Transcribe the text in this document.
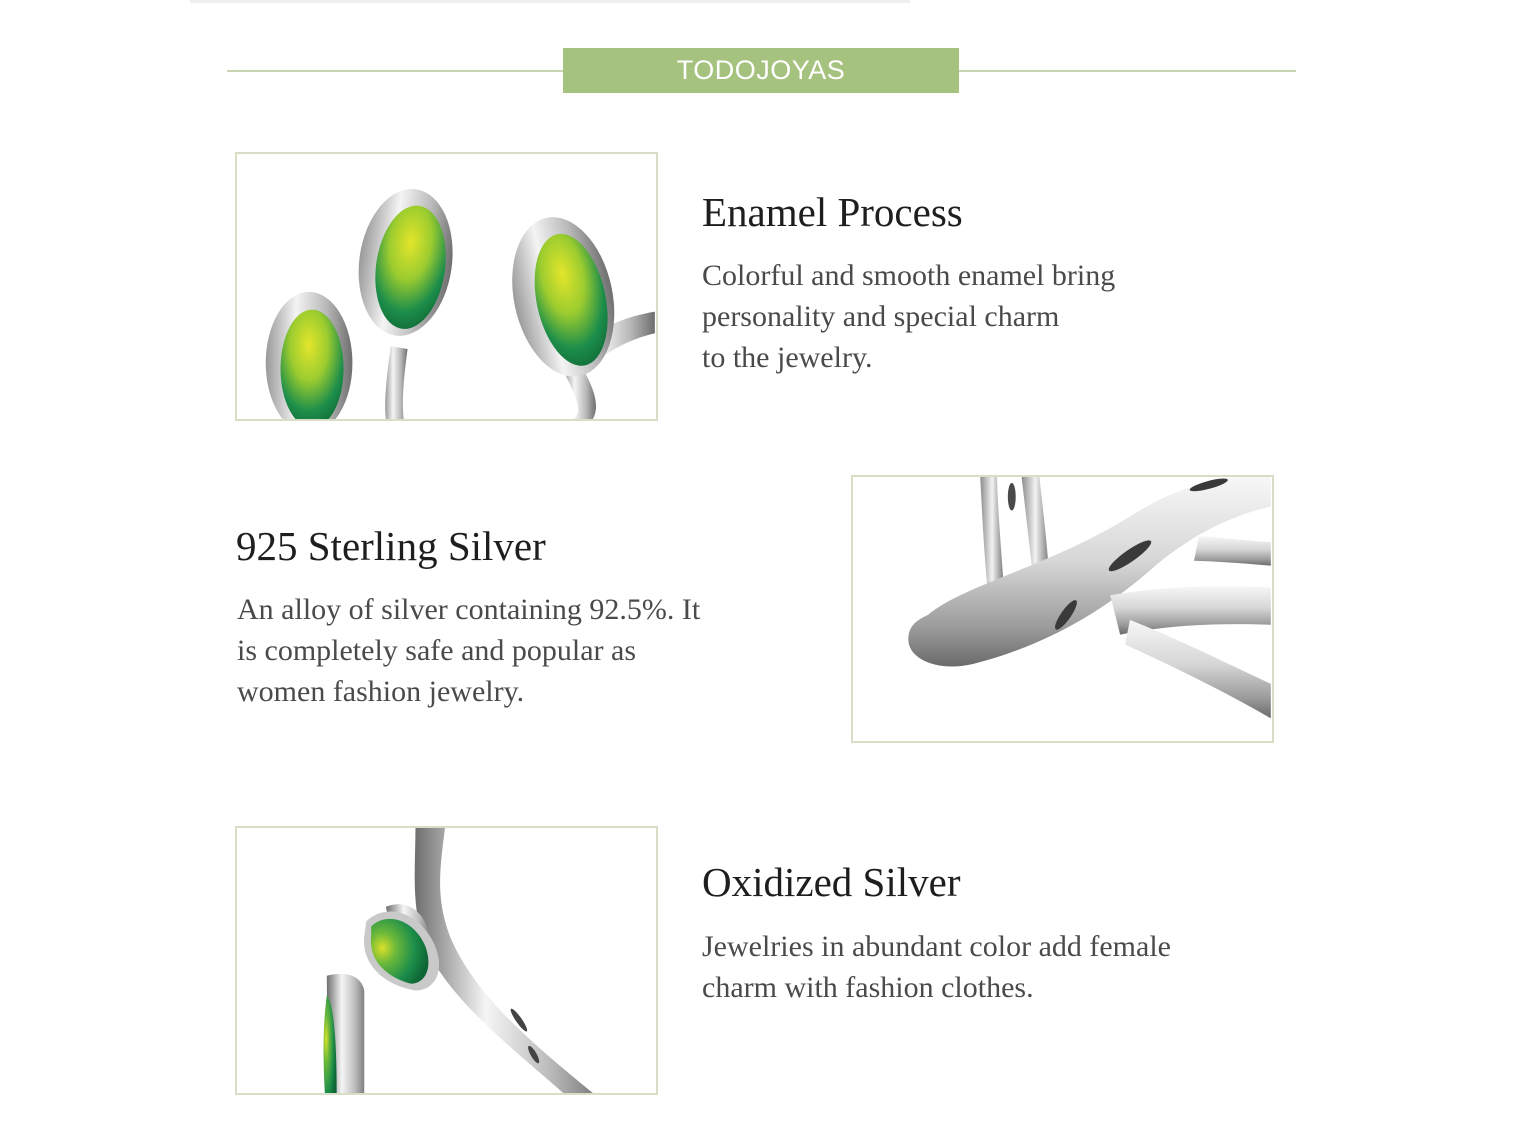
TODOJOYAS
Enamel Process

Colorful and smooth enamel bring
personality and special charm
to the jewelry.

925 Sterling Silver

An alloy of silver containing 92.5%. It
is completely safe and popular as
women fashion jewelry.

Oxidized Silver

Jewelries in abundant color add female
charm with fashion clothes.
